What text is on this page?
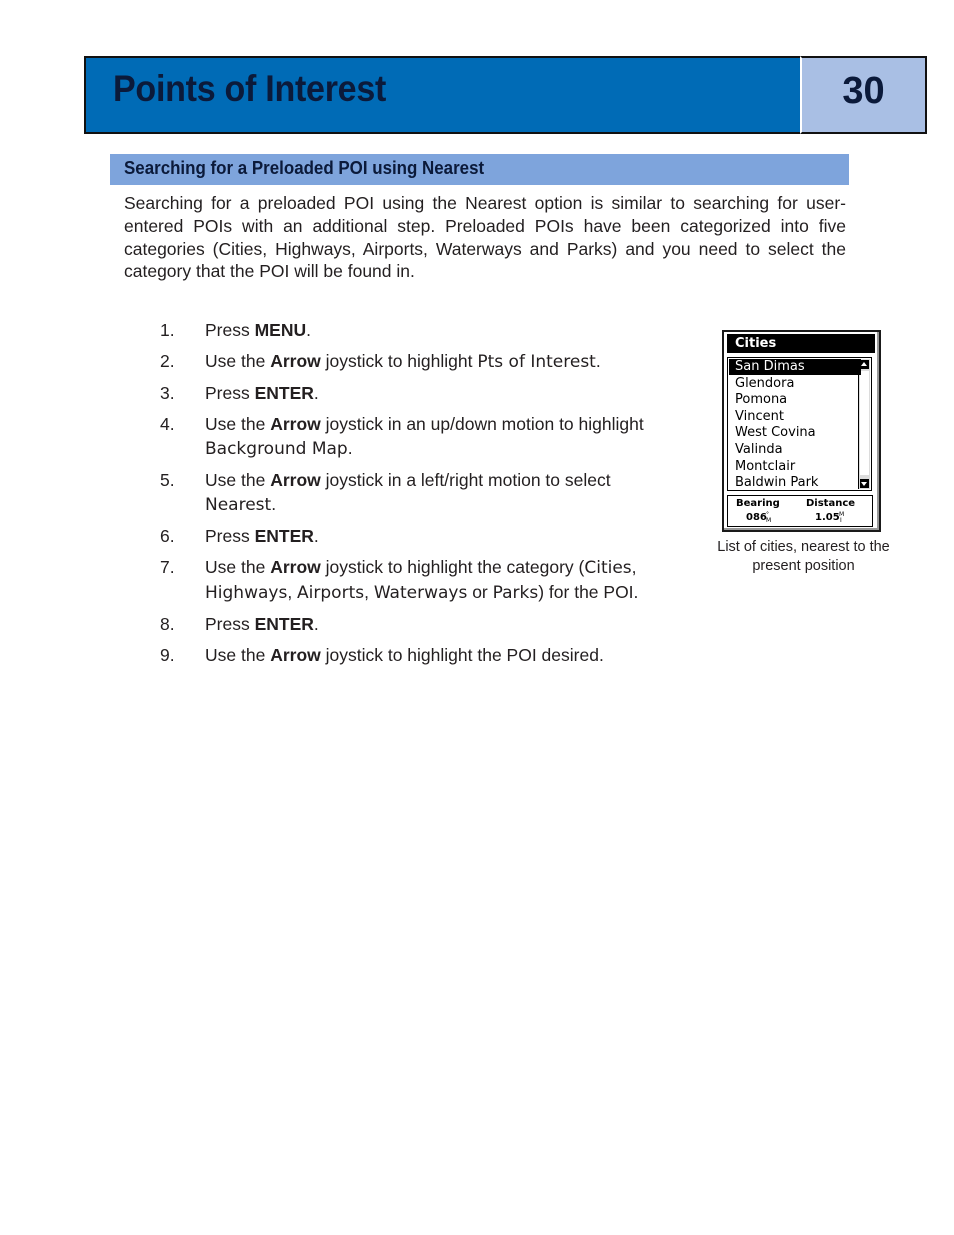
Points of Interest	30
Searching for a Preloaded POI using Nearest

Searching for a preloaded POI using the Nearest option is similar to searching for user-entered POIs with an additional step. Preloaded POIs have been categorized into five categories (Cities, Highways, Airports, Waterways and Parks) and you need to select the category that the POI will be found in.

1. Press MENU.
2. Use the Arrow joystick to highlight Pts of Interest.
3. Press ENTER.
4. Use the Arrow joystick in an up/down motion to highlight Background Map.
5. Use the Arrow joystick in a left/right motion to select Nearest.
6. Press ENTER.
7. Use the Arrow joystick to highlight the category (Cities, Highways, Airports, Waterways or Parks) for the POI.
8. Press ENTER.
9. Use the Arrow joystick to highlight the POI desired.
Cities
San Dimas
Glendora
Pomona
Vincent
West Covina
Valinda
Montclair
Baldwin Park
Bearing
086 °
M
Distance
1.05 M
I

List of cities, nearest to the present position
